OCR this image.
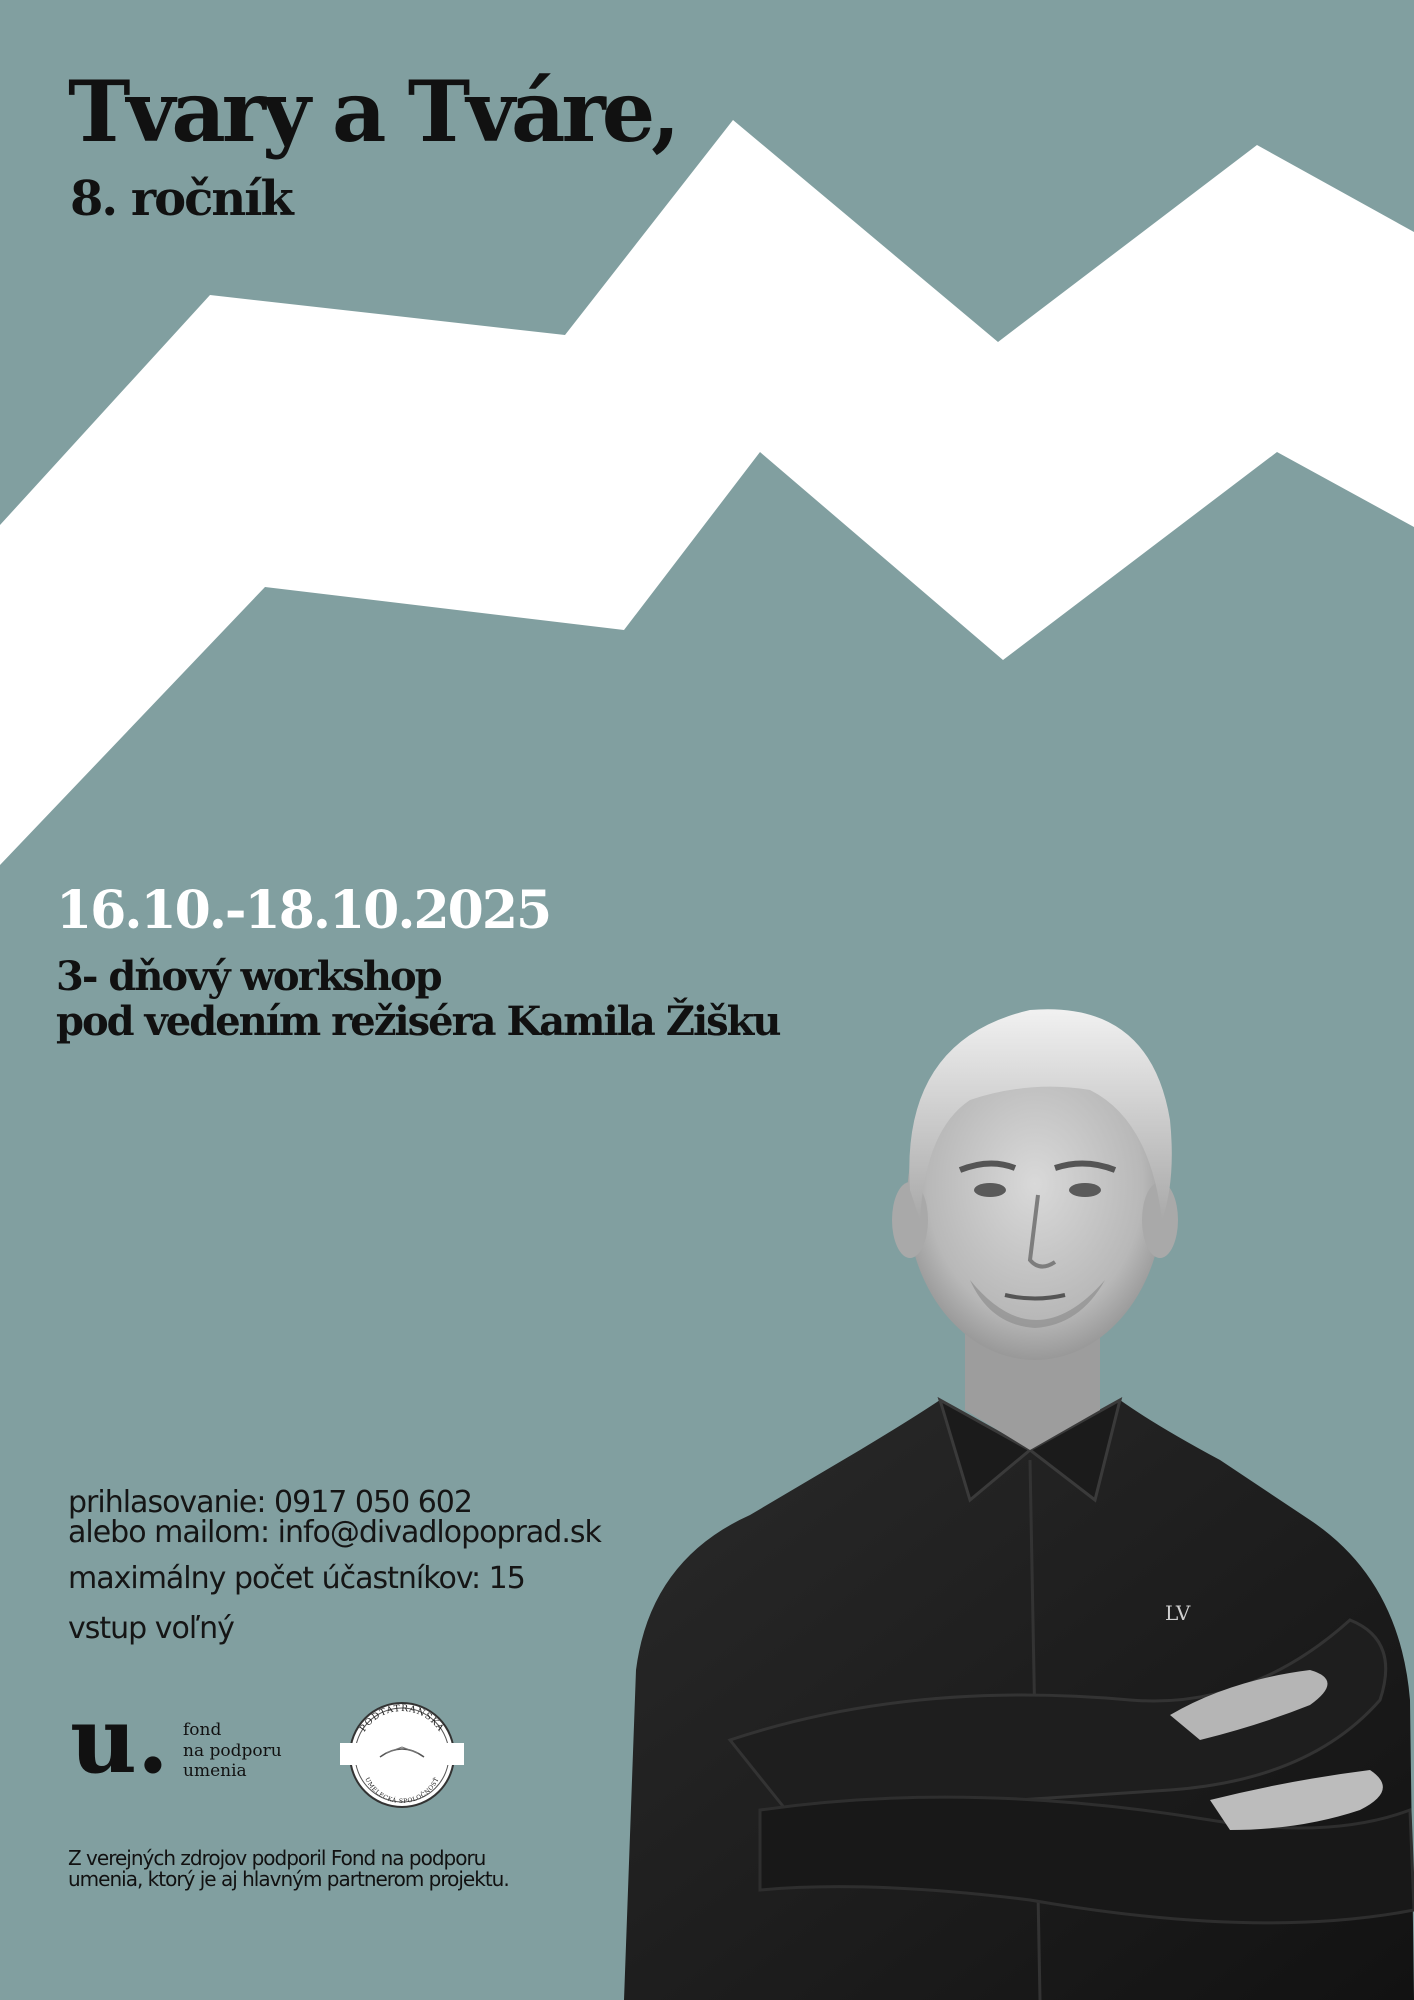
Tvary a Tváre,
8. ročník
16.10.-18.10.2025
3- dňový workshop
pod vedením režiséra Kamila Žišku
LV
prihlasovanie: 0917 050 602
alebo mailom: info@divadlopoprad.sk
maximálny počet účastníkov: 15
vstup voľný
u. fond
na podporu
umenia
PODTATRANSKÁ
UMELECKÁ SPOLOČNOSŤ
Z verejných zdrojov podporil Fond na podporu
umenia, ktorý je aj hlavným partnerom projektu.
